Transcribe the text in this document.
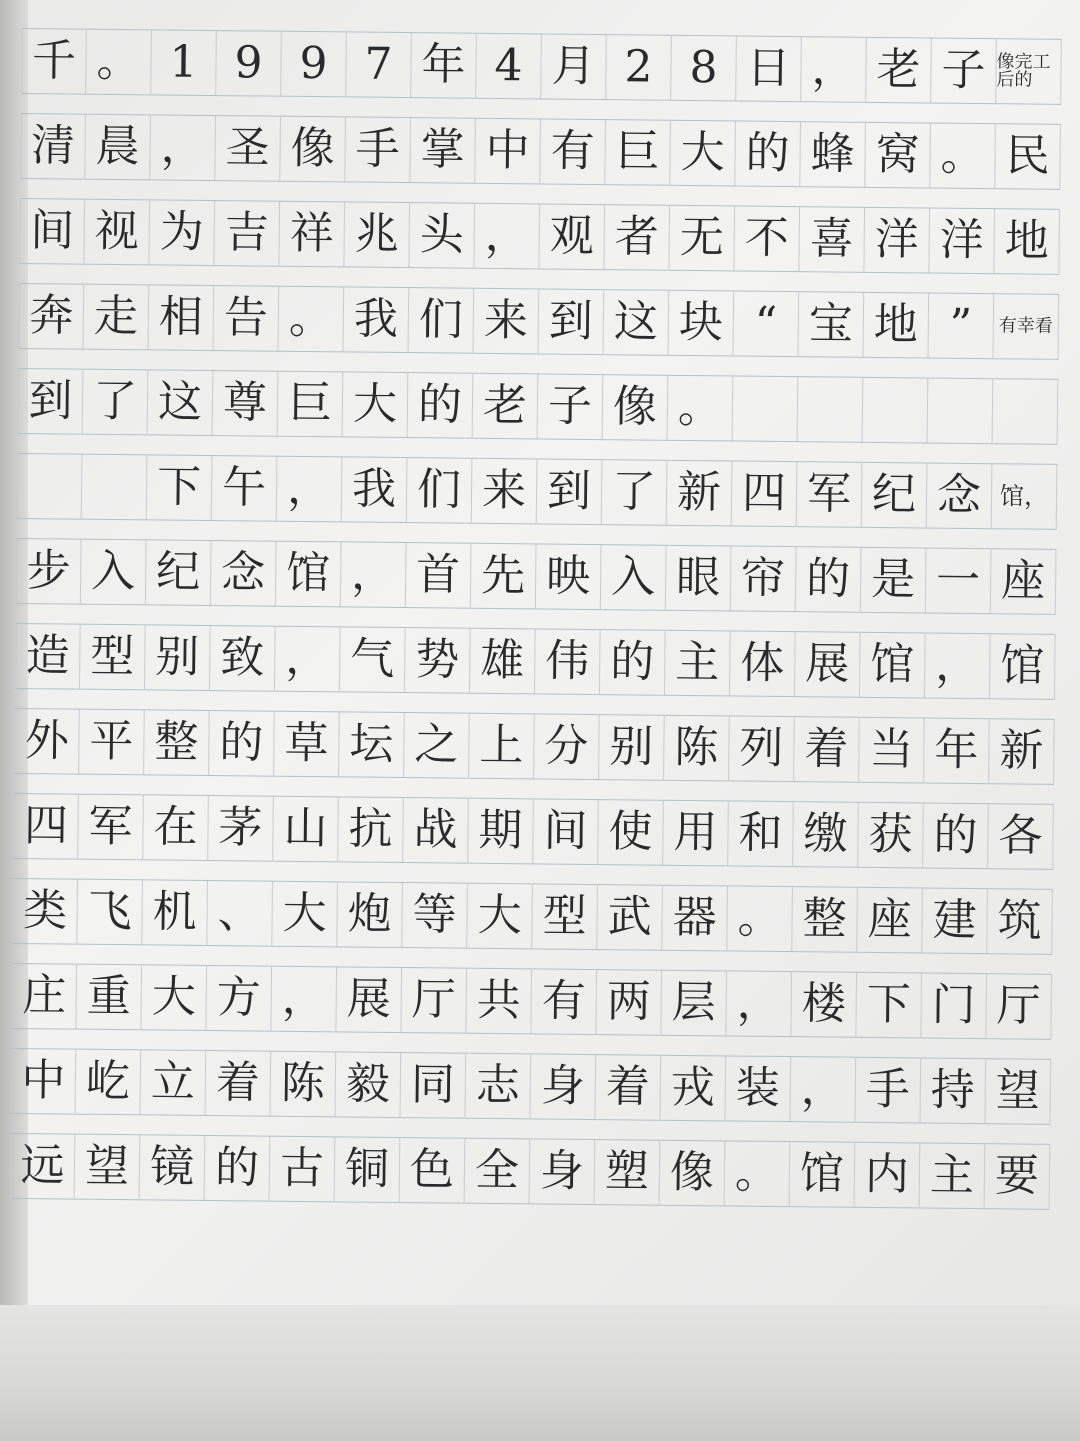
千 。 1 9 9 7 年 4 月 2 8 日 ， 老 子 像完工后的
清 晨 ， 圣 像 手 掌 中 有 巨 大 的 蜂 窝 。 民
间 视 为 吉 祥 兆 头 ， 观 者 无 不 喜 洋 洋 地
奔 走 相 告 。 我 们 来 到 这 块 “ 宝 地 ”	有幸看
到 了 这 尊 巨 大 的 老 子 像 。
下 午 ， 我 们 来 到 了 新 四 军 纪 念 馆，
步 入 纪 念 馆 ， 首 先 映 入 眼 帘 的 是 一 座
造 型 别 致 ， 气 势 雄 伟 的 主 体 展 馆 ， 馆
外 平 整 的 草 坛 之 上 分 别 陈 列 着 当 年 新
四 军 在 茅 山 抗 战 期 间 使 用 和 缴 获 的 各
类 飞 机 、 大 炮 等 大 型 武 器 。 整 座 建 筑
庄 重 大 方 ， 展 厅 共 有 两 层 ， 楼 下 门 厅
中 屹 立 着 陈 毅 同 志 身 着 戎 装 ， 手 持 望
远 望 镜 的 古 铜 色 全 身 塑 像 。 馆 内 主 要
